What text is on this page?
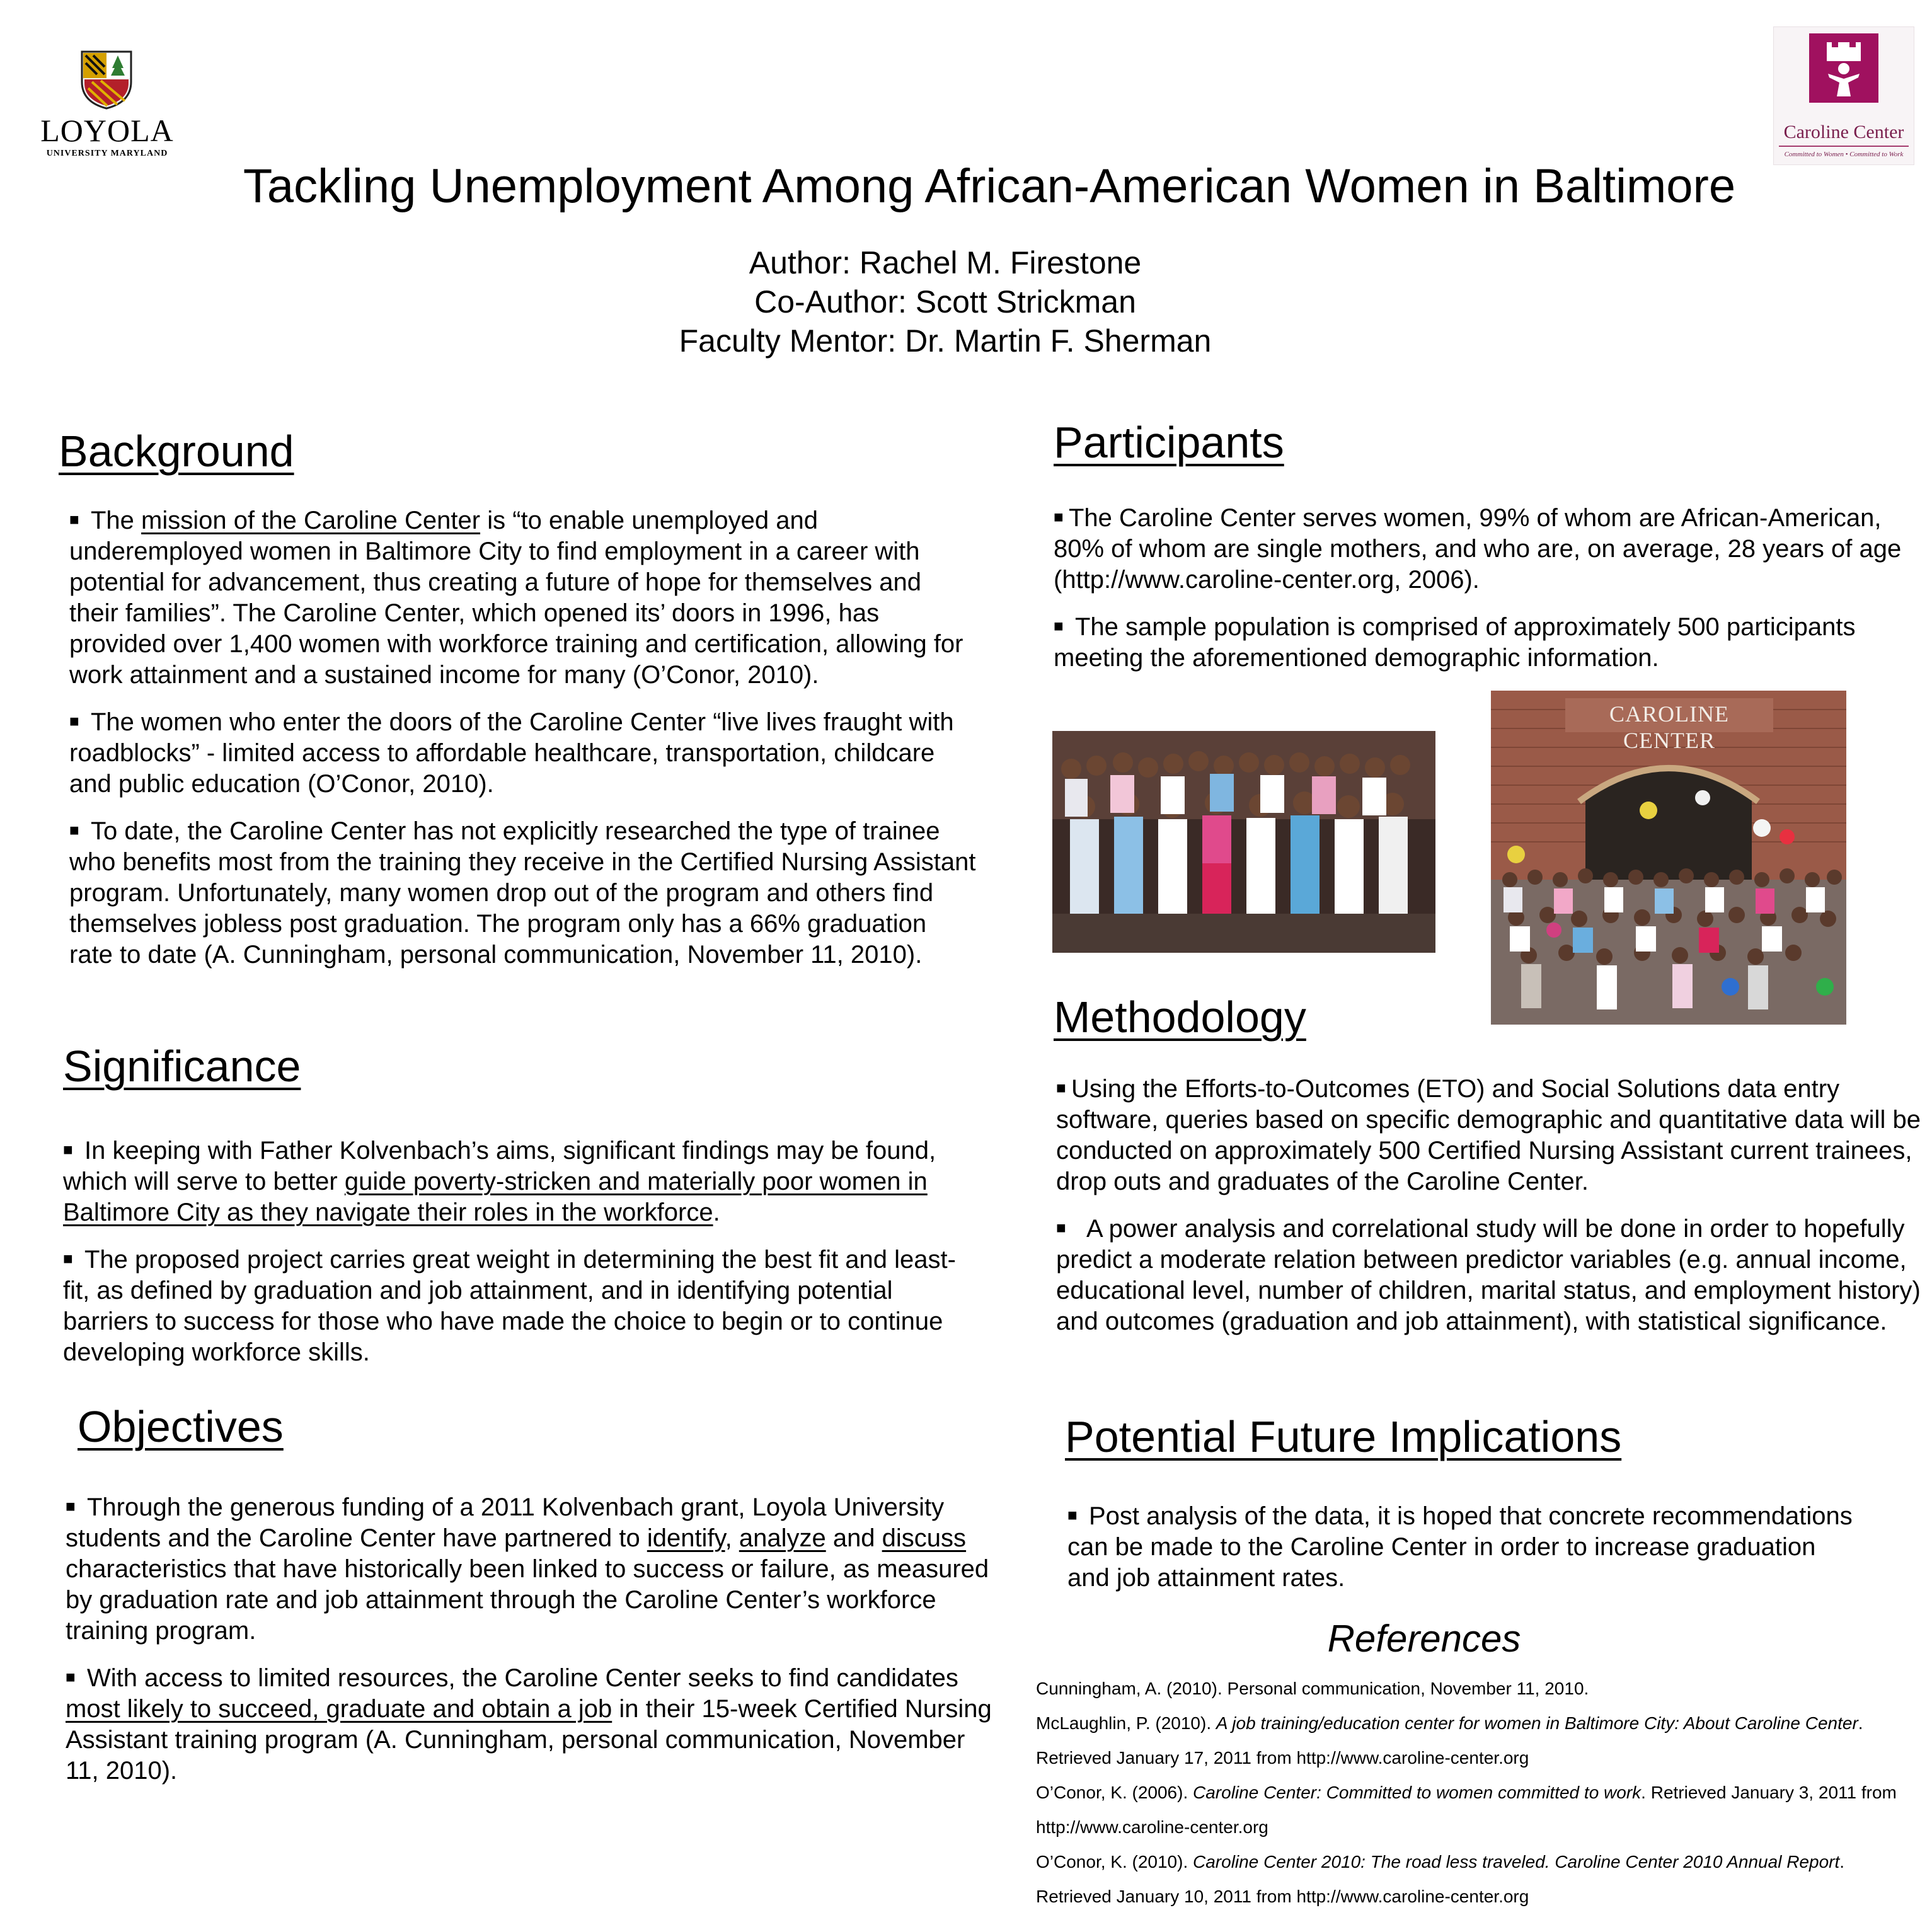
LOYOLA
UNIVERSITY MARYLAND
Caroline Center
Committed to Women • Committed to Work
Tackling Unemployment Among African-American Women in Baltimore
Author: Rachel M. Firestone
Co-Author: Scott Strickman
Faculty Mentor: Dr. Martin F. Sherman
Background

■ The mission of the Caroline Center is “to enable unemployed and underemployed women in Baltimore City to find employment in a career with potential for advancement, thus creating a future of hope for themselves and their families”. The Caroline Center, which opened its’ doors in 1996, has provided over 1,400 women with workforce training and certification, allowing for work attainment and a sustained income for many (O’Conor, 2010).

■ The women who enter the doors of the Caroline Center “live lives fraught with roadblocks” - limited access to affordable healthcare, transportation, childcare and public education (O’Conor, 2010).

■ To date, the Caroline Center has not explicitly researched the type of trainee who benefits most from the training they receive in the Certified Nursing Assistant program. Unfortunately, many women drop out of the program and others find themselves jobless post graduation. The program only has a 66% graduation rate to date (A. Cunningham, personal communication, November 11, 2010).

Significance

■ In keeping with Father Kolvenbach’s aims, significant findings may be found, which will serve to better guide poverty-stricken and materially poor women in Baltimore City as they navigate their roles in the workforce.

■ The proposed project carries great weight in determining the best fit and least-fit, as defined by graduation and job attainment, and in identifying potential barriers to success for those who have made the choice to begin or to continue developing workforce skills.

Objectives

■ Through the generous funding of a 2011 Kolvenbach grant, Loyola University students and the Caroline Center have partnered to identify, analyze and discuss characteristics that have historically been linked to success or failure, as measured by graduation rate and job attainment through the Caroline Center’s workforce training program.

■ With access to limited resources, the Caroline Center seeks to find candidates most likely to succeed, graduate and obtain a job in their 15-week Certified Nursing Assistant training program (A. Cunningham, personal communication, November 11, 2010).

Participants

■ The Caroline Center serves women, 99% of whom are African-American, 80% of whom are single mothers, and who are, on average, 28 years of age (http://www.caroline-center.org, 2006).

■ The sample population is comprised of approximately 500 participants meeting the aforementioned demographic information.

CAROLINE CENTER
Methodology

■ Using the Efforts-to-Outcomes (ETO) and Social Solutions data entry software, queries based on specific demographic and quantitative data will be conducted on approximately 500 Certified Nursing Assistant current trainees, drop outs and graduates of the Caroline Center.

■ A power analysis and correlational study will be done in order to hopefully predict a moderate relation between predictor variables (e.g. annual income, educational level, number of children, marital status, and employment history) and outcomes (graduation and job attainment), with statistical significance.

Potential Future Implications

■ Post analysis of the data, it is hoped that concrete recommendations can be made to the Caroline Center in order to increase graduation and job attainment rates.

References
Cunningham, A. (2010). Personal communication, November 11, 2010.
McLaughlin, P. (2010). A job training/education center for women in Baltimore City: About Caroline Center. Retrieved January 17, 2011 from http://www.caroline-center.org
O’Conor, K. (2006). Caroline Center: Committed to women committed to work. Retrieved January 3, 2011 from http://www.caroline-center.org
O’Conor, K. (2010). Caroline Center 2010: The road less traveled. Caroline Center 2010 Annual Report. Retrieved January 10, 2011 from http://www.caroline-center.org
